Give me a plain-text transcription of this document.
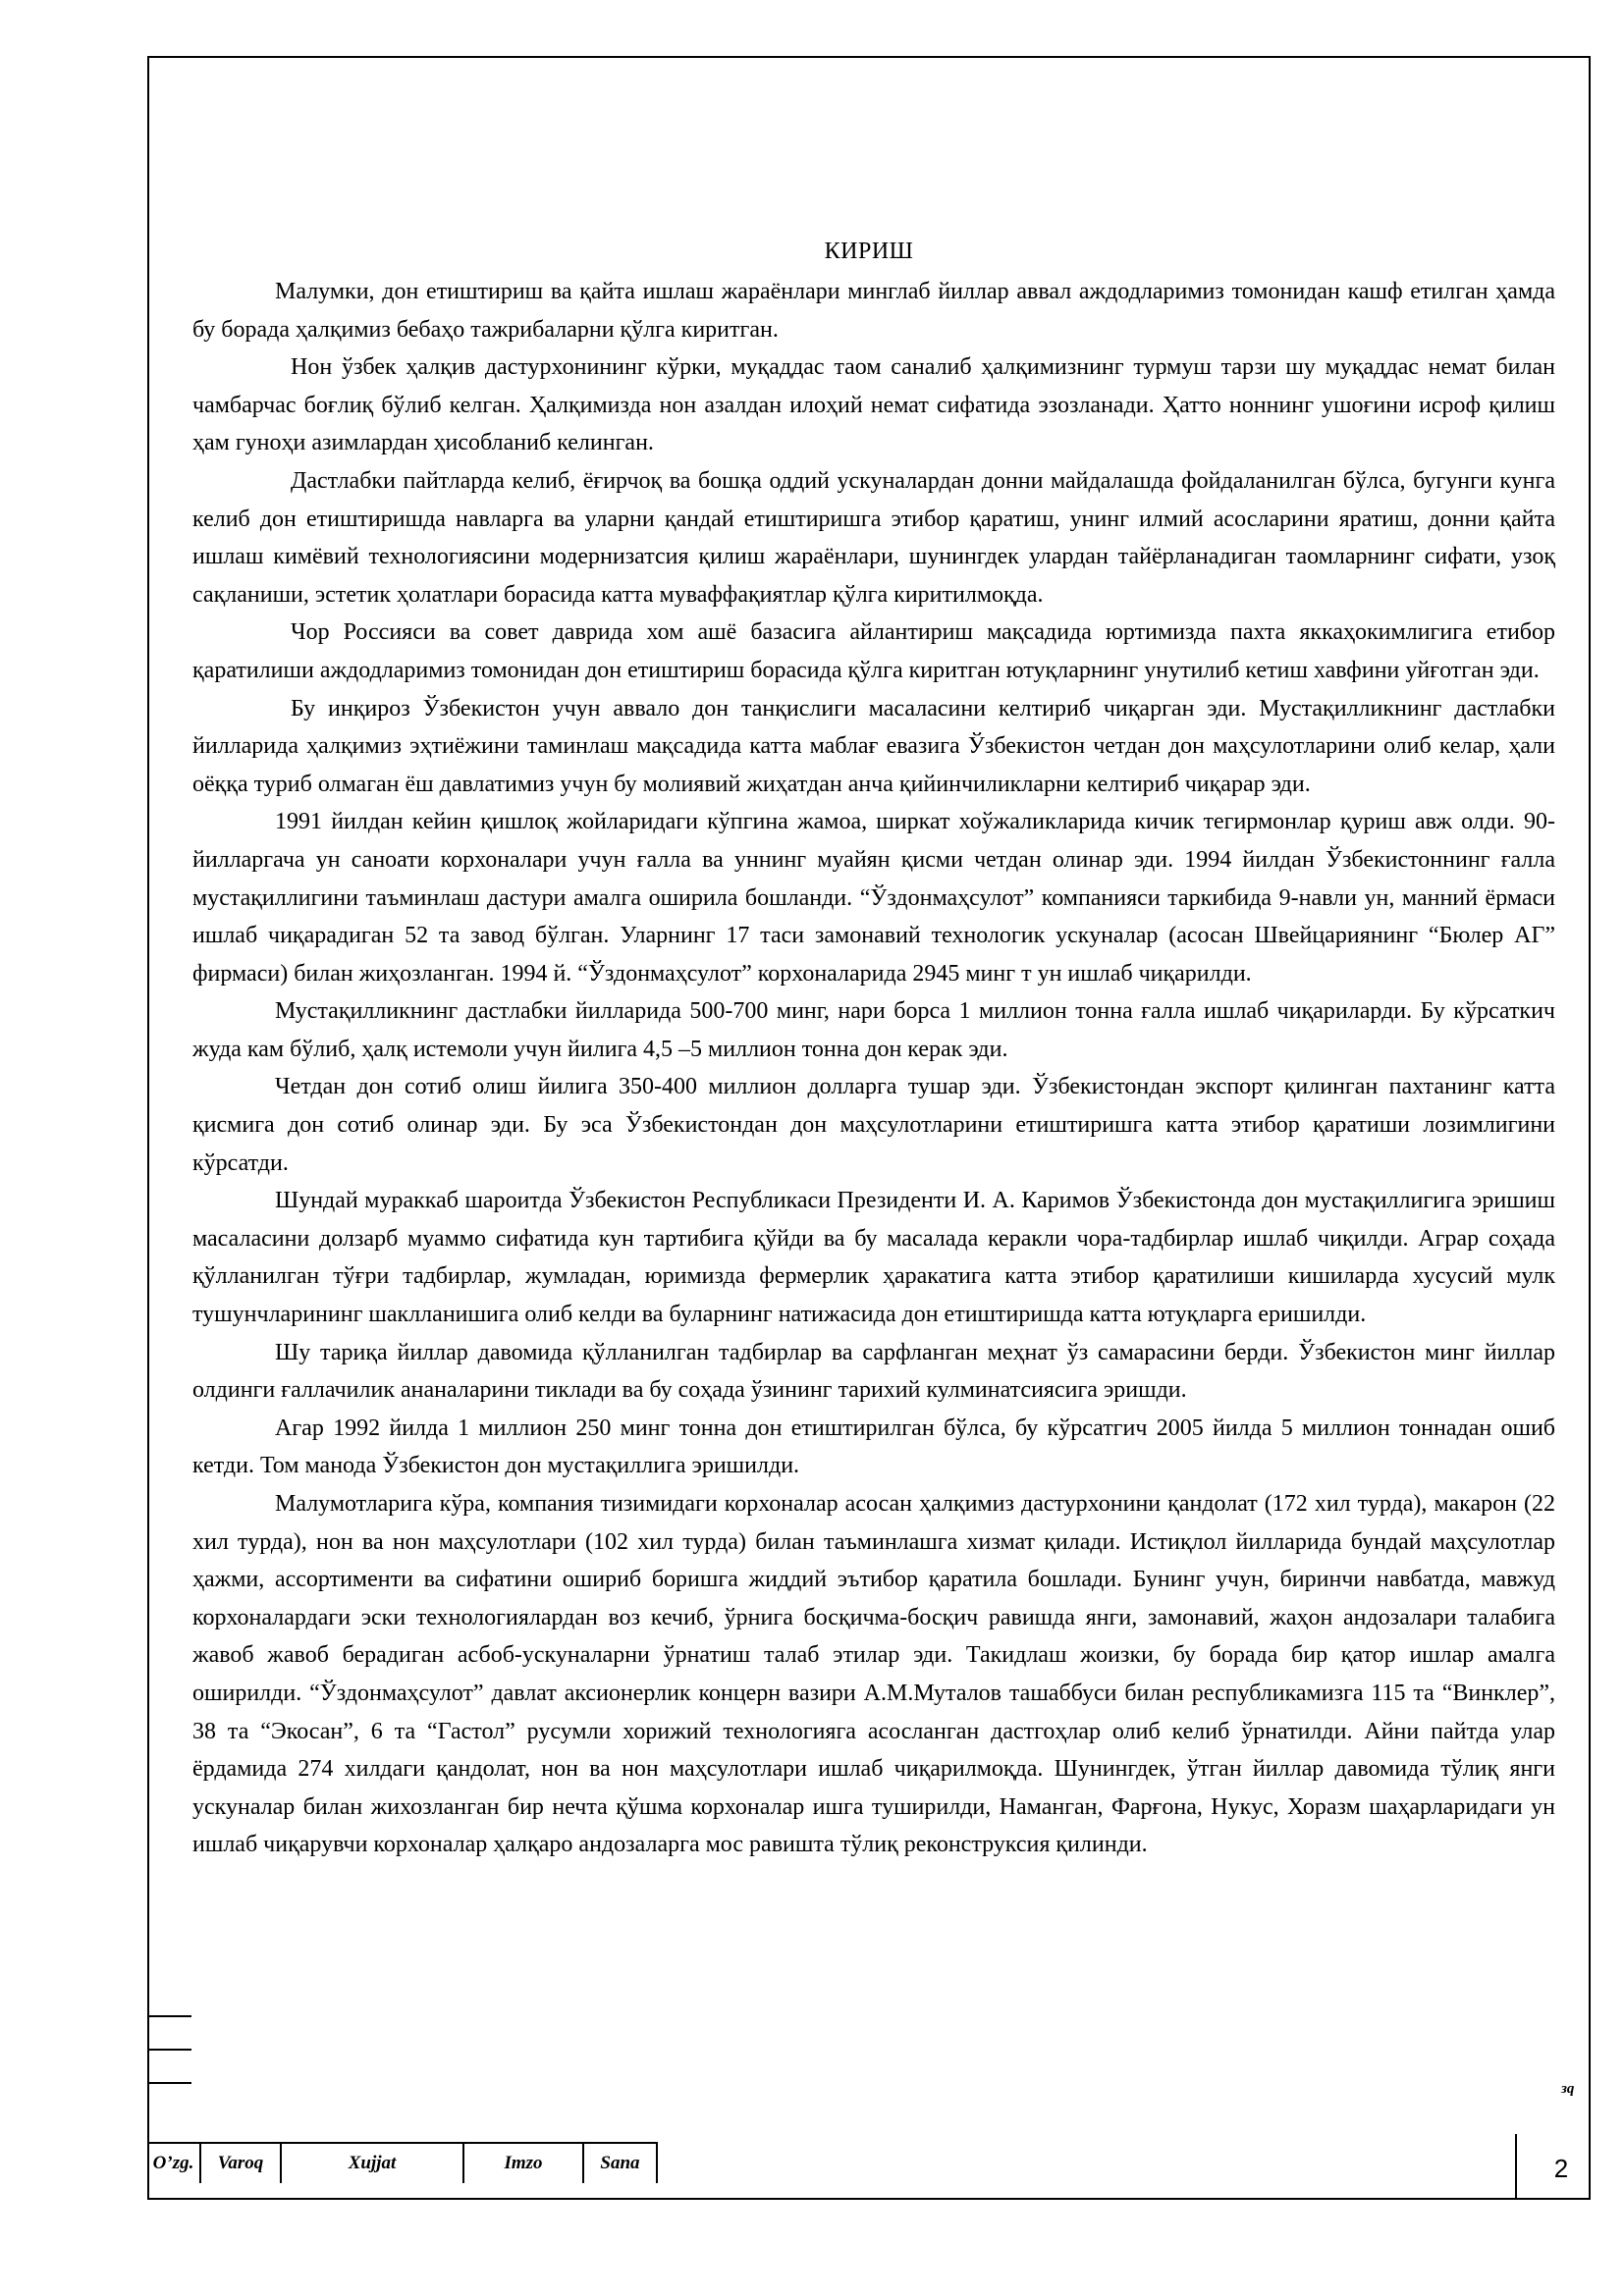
КИРИШ

Малумки, дон етиштириш ва қайта ишлаш жараёнлари минглаб йиллар аввал аждодларимиз томонидан кашф етилган ҳамда бу борада ҳалқимиз бебаҳо тажрибаларни қўлга киритган.

Нон ўзбек ҳалқив дастурхонининг кўрки, муқаддас таом саналиб ҳалқимизнинг турмуш тарзи шу муқаддас немат билан чамбарчас боғлиқ бўлиб келган. Ҳалқимизда нон азалдан илоҳий немат сифатида эзозланади. Ҳатто ноннинг ушоғини исроф қилиш ҳам гуноҳи азимлардан ҳисобланиб келинган.

Дастлабки пайтларда келиб, ёғирчоқ ва бошқа оддий ускуналардан донни майдалашда фойдаланилган бўлса, бугунги кунга келиб дон етиштиришда навларга ва уларни қандай етиштиришга этибор қаратиш, унинг илмий асосларини яратиш, донни қайта ишлаш кимёвий технологиясини модернизатсия қилиш жараёнлари, шунингдек улардан тайёрланадиган таомларнинг сифати, узоқ сақланиши, эстетик ҳолатлари борасида катта муваффақиятлар қўлга киритилмоқда.

Чор Россияси ва совет даврида хом ашё базасига айлантириш мақсадида юртимизда пахта яккаҳокимлигига етибор қаратилиши аждодларимиз томонидан дон етиштириш борасида қўлга киритган ютуқларнинг унутилиб кетиш хавфини уйғотган эди.

Бу инқироз Ўзбекистон учун аввало дон танқислиги масаласини келтириб чиқарган эди. Мустақилликнинг дастлабки йилларида ҳалқимиз эҳтиёжини таминлаш мақсадида катта маблағ евазига Ўзбекистон четдан дон маҳсулотларини олиб келар, ҳали оёққа туриб олмаган ёш давлатимиз учун бу молиявий жиҳатдан анча қийинчиликларни келтириб чиқарар эди.

1991 йилдан кейин қишлоқ жойларидаги кўпгина жамоа, ширкат хоўжаликларида кичик тегирмонлар қуриш авж олди. 90-йилларгача ун саноати корхоналари учун ғалла ва уннинг муайян қисми четдан олинар эди. 1994 йилдан Ўзбекистоннинг ғалла мустақиллигини таъминлаш дастури амалга оширила бошланди. “Ўздонмаҳсулот” компанияси таркибида 9-навли ун, манний ёрмаси ишлаб чиқарадиган 52 та завод бўлган. Уларнинг 17 таси замонавий технологик ускуналар (асосан Швейцариянинг “Бюлер АГ” фирмаси) билан жиҳозланган. 1994 й. “Ўздонмаҳсулот” корхоналарида 2945 минг т ун ишлаб чиқарилди.

Мустақилликнинг дастлабки йилларида 500-700 минг, нари борса 1 миллион тонна ғалла ишлаб чиқариларди. Бу кўрсаткич жуда кам бўлиб, ҳалқ истемоли учун йилига 4,5 –5 миллион тонна дон керак эди.

Четдан дон сотиб олиш йилига 350-400 миллион долларга тушар эди. Ўзбекистондан экспорт қилинган пахтанинг катта қисмига дон сотиб олинар эди. Бу эса Ўзбекистондан дон маҳсулотларини етиштиришга катта этибор қаратиши лозимлигини кўрсатди.

Шундай мураккаб шароитда Ўзбекистон Республикаси Президенти И. А. Каримов Ўзбекистонда дон мустақиллигига эришиш масаласини долзарб муаммо сифатида кун тартибига қўйди ва бу масалада керакли чора-тадбирлар ишлаб чиқилди. Аграр соҳада қўлланилган тўғри тадбирлар, жумладан, юримизда фермерлик ҳаракатига катта этибор қаратилиши кишиларда хусусий мулк тушунчларининг шаклланишига олиб келди ва буларнинг натижасида дон етиштиришда катта ютуқларга еришилди.

Шу тариқа йиллар давомида қўлланилган тадбирлар ва сарфланган меҳнат ўз самарасини берди. Ўзбекистон минг йиллар олдинги ғаллачилик ананаларини тиклади ва бу соҳада ўзининг тарихий кулминатсиясига эришди.

Агар 1992 йилда 1 миллион 250 минг тонна дон етиштирилган бўлса, бу кўрсатгич 2005 йилда 5 миллион тоннадан ошиб кетди. Том манода Ўзбекистон дон мустақиллига эришилди.

Малумотларига кўра, компания тизимидаги корхоналар асосан ҳалқимиз дастурхонини қандолат (172 хил турда), макарон (22 хил турда), нон ва нон маҳсулотлари (102 хил турда) билан таъминлашга хизмат қилади. Истиқлол йилларида бундай маҳсулотлар ҳажми, ассортименти ва сифатини ошириб боришга жиддий эътибор қаратила бошлади. Бунинг учун, биринчи навбатда, мавжуд корхоналардаги эски технологиялардан воз кечиб, ўрнига босқичма-босқич равишда янги, замонавий, жаҳон андозалари талабига жавоб жавоб берадиган асбоб-ускуналарни ўрнатиш талаб этилар эди. Такидлаш жоизки, бу борада бир қатор ишлар амалга оширилди. “Ўздонмаҳсулот” давлат аксионерлик концерн вазири А.М.Муталов ташаббуси билан республикамизга 115 та “Винклер”, 38 та “Экосан”, 6 та “Гастол” русумли хорижий технологияга асосланган дастгоҳлар олиб келиб ўрнатилди. Айни пайтда улар ёрдамида 274 хилдаги қандолат, нон ва нон маҳсулотлари ишлаб чиқарилмоқда. Шунингдек, ўтган йиллар давомида тўлиқ янги ускуналар билан жихозланган бир нечта қўшма корхоналар ишга туширилди, Наманган, Фарғона, Нукус, Хоразм шаҳарларидаги ун ишлаб чиқарувчи корхоналар ҳалқаро андозаларга мос равишта тўлиқ реконструксия қилинди.

зq
O’zg.	Varoq	Xujjat	Imzo	Sana	2
